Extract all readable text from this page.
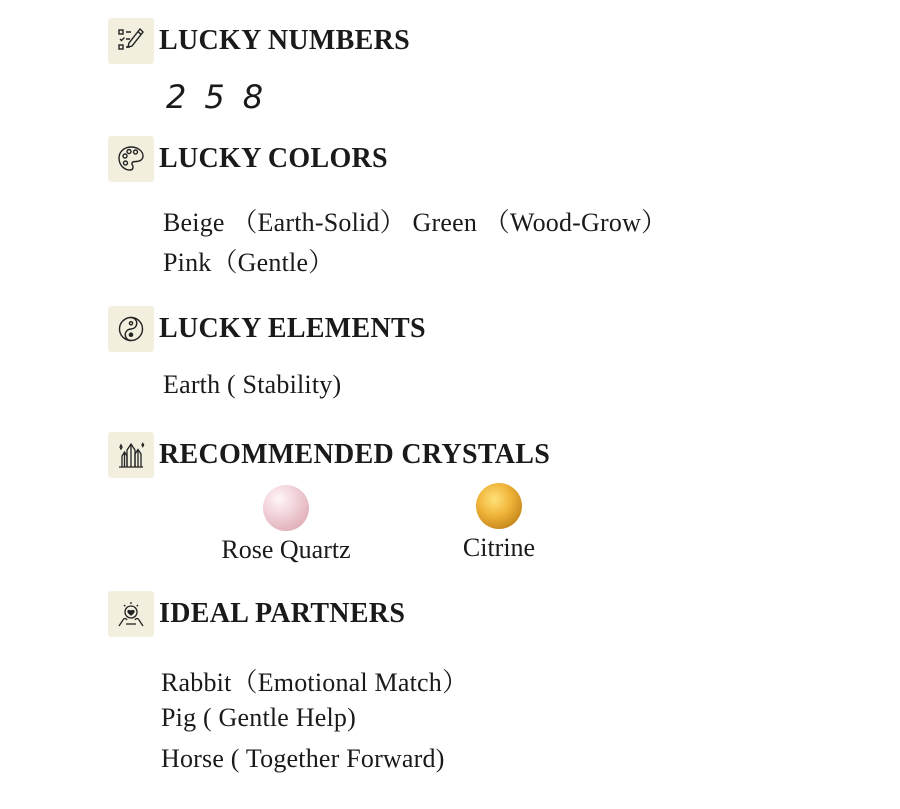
LUCKY NUMBERS
2 5 8
LUCKY COLORS
Beige （Earth-Solid） Green （Wood-Grow）
Pink（Gentle）
LUCKY ELEMENTS
Earth ( Stability)
RECOMMENDED CRYSTALS
Rose Quartz	Citrine
IDEAL PARTNERS
Rabbit（Emotional Match）
Pig ( Gentle Help)
Horse ( Together Forward)
